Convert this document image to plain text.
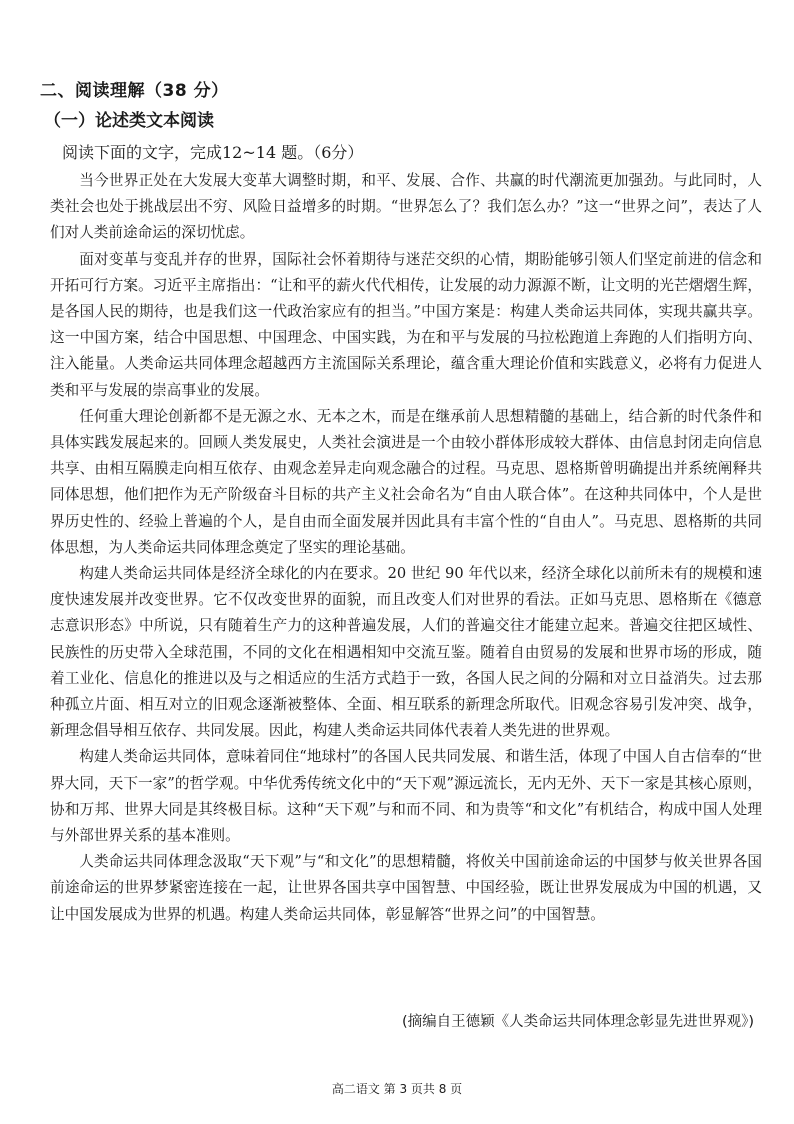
二、阅读理解（38 分）
（一）论述类文本阅读
阅读下面的文字，完成12~14 题。（6分）

当今世界正处在大发展大变革大调整时期，和平、发展、合作、共赢的时代潮流更加强劲。与此同时，人类社会也处于挑战层出不穷、风险日益增多的时期。“世界怎么了？我们怎么办？”这一“世界之问”，表达了人们对人类前途命运的深切忧虑。

面对变革与变乱并存的世界，国际社会怀着期待与迷茫交织的心情，期盼能够引领人们坚定前进的信念和开拓可行方案。习近平主席指出：“让和平的薪火代代相传，让发展的动力源源不断，让文明的光芒熠熠生辉，是各国人民的期待，也是我们这一代政治家应有的担当。”中国方案是：构建人类命运共同体，实现共赢共享。这一中国方案，结合中国思想、中国理念、中国实践，为在和平与发展的马拉松跑道上奔跑的人们指明方向、注入能量。人类命运共同体理念超越西方主流国际关系理论，蕴含重大理论价值和实践意义，必将有力促进人类和平与发展的崇高事业的发展。

任何重大理论创新都不是无源之水、无本之木，而是在继承前人思想精髓的基础上，结合新的时代条件和具体实践发展起来的。回顾人类发展史，人类社会演进是一个由较小群体形成较大群体、由信息封闭走向信息共享、由相互隔膜走向相互依存、由观念差异走向观念融合的过程。马克思、恩格斯曾明确提出并系统阐释共同体思想，他们把作为无产阶级奋斗目标的共产主义社会命名为“自由人联合体”。在这种共同体中，个人是世界历史性的、经验上普遍的个人，是自由而全面发展并因此具有丰富个性的“自由人”。马克思、恩格斯的共同体思想，为人类命运共同体理念奠定了坚实的理论基础。

构建人类命运共同体是经济全球化的内在要求。20 世纪 90 年代以来，经济全球化以前所未有的规模和速度快速发展并改变世界。它不仅改变世界的面貌，而且改变人们对世界的看法。正如马克思、恩格斯在《德意志意识形态》中所说，只有随着生产力的这种普遍发展，人们的普遍交往才能建立起来。普遍交往把区域性、民族性的历史带入全球范围，不同的文化在相遇相知中交流互鉴。随着自由贸易的发展和世界市场的形成，随着工业化、信息化的推进以及与之相适应的生活方式趋于一致，各国人民之间的分隔和对立日益消失。过去那种孤立片面、相互对立的旧观念逐渐被整体、全面、相互联系的新理念所取代。旧观念容易引发冲突、战争，新理念倡导相互依存、共同发展。因此，构建人类命运共同体代表着人类先进的世界观。

构建人类命运共同体，意味着同住“地球村”的各国人民共同发展、和谐生活，体现了中国人自古信奉的“世界大同，天下一家”的哲学观。中华优秀传统文化中的“天下观”源远流长，无内无外、天下一家是其核心原则，协和万邦、世界大同是其终极目标。这种“天下观”与和而不同、和为贵等“和文化”有机结合，构成中国人处理与外部世界关系的基本准则。

人类命运共同体理念汲取“天下观”与“和文化”的思想精髓，将攸关中国前途命运的中国梦与攸关世界各国前途命运的世界梦紧密连接在一起，让世界各国共享中国智慧、中国经验，既让世界发展成为中国的机遇，又让中国发展成为世界的机遇。构建人类命运共同体，彰显解答“世界之问”的中国智慧。

(摘编自王德颖《人类命运共同体理念彰显先进世界观》)
高二语文 第 3 页共 8 页
